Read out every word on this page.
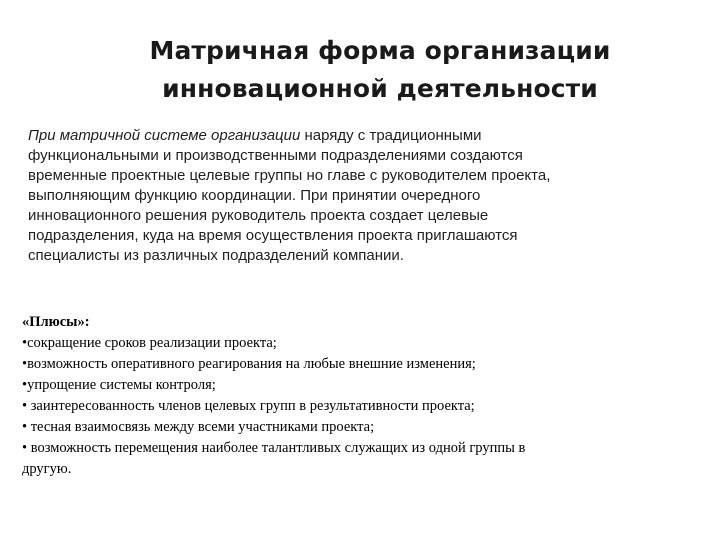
Матричная форма организации
инновационной деятельности
При матричной системе организации наряду с традиционными
функциональными и производственными подразделениями создаются
временные проектные целевые группы но главе с руководителем проекта,
выполняющим функцию координации. При принятии очередного
инновационного решения руководитель проекта создает целевые
подразделения, куда на время осуществления проекта приглашаются
специалисты из различных подразделений компании.
«Плюсы»:
•сокращение сроков реализации проекта;
•возможность оперативного реагирования на любые внешние изменения;
•упрощение системы контроля;
• заинтересованность членов целевых групп в результативности проекта;
• тесная взаимосвязь между всеми участниками проекта;
• возможность перемещения наиболее талантливых служащих из одной группы в
другую.
